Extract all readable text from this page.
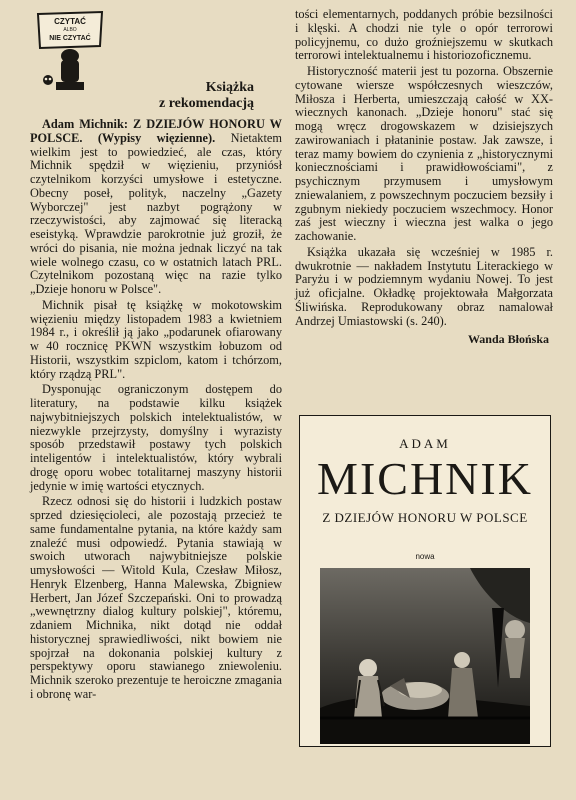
CZYTAĆ
ALBO
NIE CZYTAĆ
Książka
z rekomendacją

Adam Michnik: Z DZIEJÓW HONORU W POLSCE. (Wypisy więzienne). Nietaktem wielkim jest to powiedzieć, ale czas, który Michnik spędził w więzieniu, przyniósł czytelnikom korzyści umysłowe i estetyczne. Obecny poseł, polityk, naczelny „Gazety Wyborczej" jest nazbyt pogrążony w rzeczywistości, aby zajmować się literacką eseistyką. Wprawdzie parokrotnie już groził, że wróci do pisania, nie można jednak liczyć na tak wiele wolnego czasu, co w ostatnich latach PRL. Czytelnikom pozostaną więc na razie tylko „Dzieje honoru w Polsce".

Michnik pisał tę książkę w mokotowskim więzieniu między listopadem 1983 a kwietniem 1984 r., i określił ją jako „podarunek ofiarowany w 40 rocznicę PKWN wszystkim łobuzom od Historii, wszystkim szpiclom, katom i tchórzom, który rządzą PRL".

Dysponując ograniczonym dostępem do literatury, na podstawie kilku książek najwybitniejszych polskich intelektualistów, w niezwykle przejrzysty, domyślny i wyrazisty sposób przedstawił postawy tych polskich inteligentów i intelektualistów, który wybrali drogę oporu wobec totalitarnej maszyny historii jedynie w imię wartości etycznych.

Rzecz odnosi się do historii i ludzkich postaw sprzed dziesięcioleci, ale pozostają przecież te same fundamentalne pytania, na które każdy sam znaleźć musi odpowiedź. Pytania stawiają w swoich utworach najwybitniejsze polskie umysłowości — Witold Kula, Czesław Miłosz, Henryk Elzenberg, Hanna Malewska, Zbigniew Herbert, Jan Józef Szczepański. Oni to prowadzą „wewnętrzny dialog kultury polskiej", któremu, zdaniem Michnika, nikt dotąd nie oddał historycznej sprawiedliwości, nikt bowiem nie spojrzał na dokonania polskiej kultury z perspektywy oporu stawianego zniewoleniu. Michnik szeroko prezentuje te heroiczne zmagania i obronę war-

tości elementarnych, poddanych próbie bezsilności i klęski. A chodzi nie tyle o opór terrorowi policyjnemu, co dużo groźniejszemu w skutkach terrorowi intelektualnemu i historiozoficznemu.

Historyczność materii jest tu pozorna. Obszernie cytowane wiersze współczesnych wieszczów, Miłosza i Herberta, umieszczają całość w XX-wiecznych kanonach. „Dzieje honoru" stać się mogą wręcz drogowskazem w dzisiejszych zawirowaniach i płataninie postaw. Jak zawsze, i teraz mamy bowiem do czynienia z „historycznymi koniecznościami i prawidłowościami", z psychicznym przymusem i umysłowym zniewalaniem, z powszechnym poczuciem bezsiły i zgubnym niekiedy poczuciem wszechmocy. Honor zaś jest wieczny i wieczna jest walka o jego zachowanie.

Książka ukazała się wcześniej w 1985 r. dwukrotnie — nakładem Instytutu Literackiego w Paryżu i w podziemnym wydaniu Nowej. To jest już oficjalne. Okładkę projektowała Małgorzata Śliwińska. Reprodukowany obraz namalował Andrzej Umiastowski (s. 240).

Wanda Błońska
ADAM
MICHNIK
Z DZIEJÓW HONORU W POLSCE
nowa
